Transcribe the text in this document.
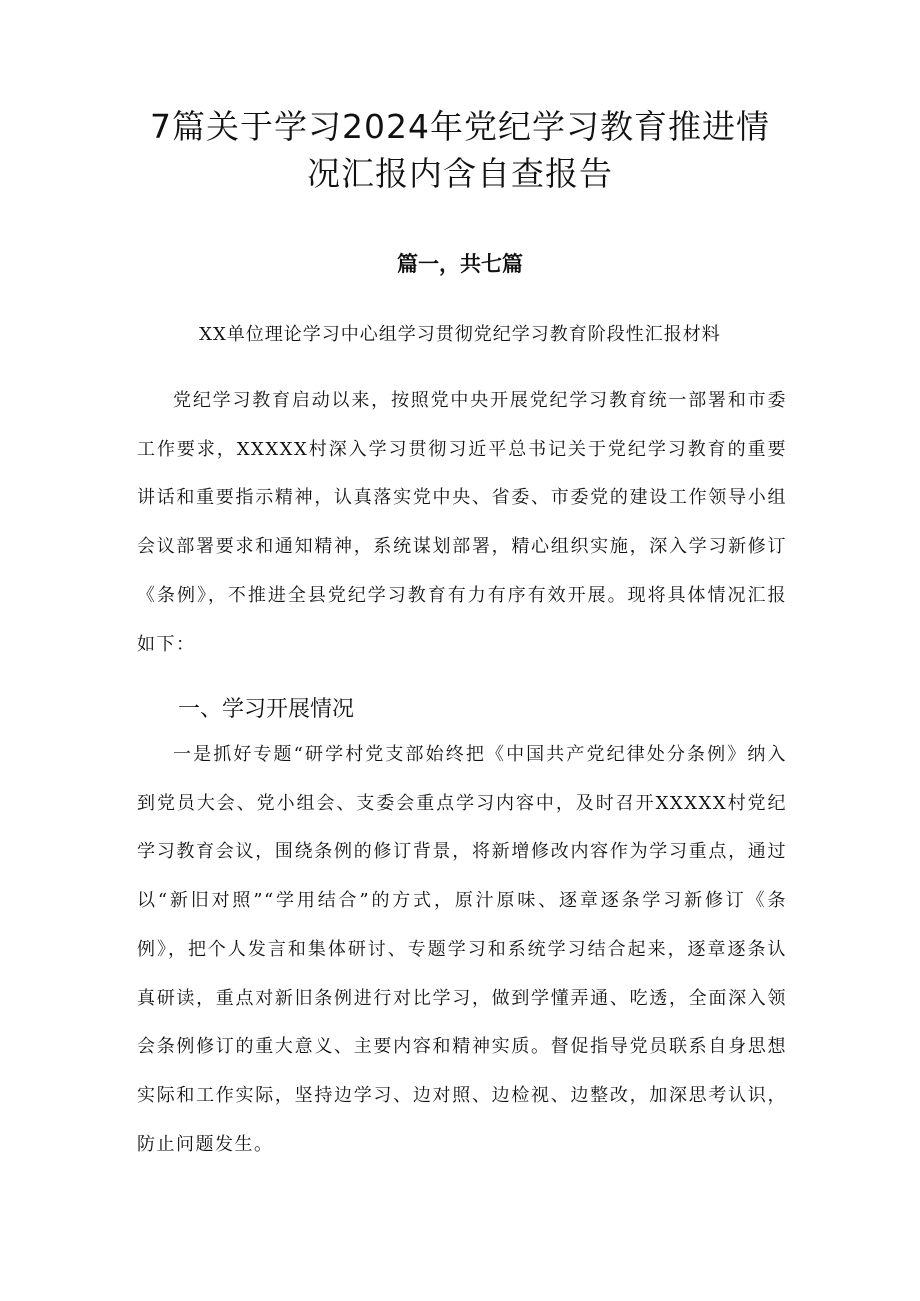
7篇关于学习2024年党纪学习教育推进情
况汇报内含自查报告
篇一，共七篇
XX单位理论学习中心组学习贯彻党纪学习教育阶段性汇报材料

党纪学习教育启动以来，按照党中央开展党纪学习教育统一部署和市委工作要求，XXXXX村深入学习贯彻习近平总书记关于党纪学习教育的重要讲话和重要指示精神，认真落实党中央、省委、市委党的建设工作领导小组会议部署要求和通知精神，系统谋划部署，精心组织实施，深入学习新修订《条例》，不推进全县党纪学习教育有力有序有效开展。现将具体情况汇报如下：

一、学习开展情况

一是抓好专题“研学村党支部始终把《中国共产党纪律处分条例》纳入到党员大会、党小组会、支委会重点学习内容中，及时召开XXXXX村党纪学习教育会议，围绕条例的修订背景，将新增修改内容作为学习重点，通过以“新旧对照”“学用结合”的方式，原汁原味、逐章逐条学习新修订《条例》，把个人发言和集体研讨、专题学习和系统学习结合起来，逐章逐条认真研读，重点对新旧条例进行对比学习，做到学懂弄通、吃透，全面深入领会条例修订的重大意义、主要内容和精神实质。督促指导党员联系自身思想实际和工作实际，坚持边学习、边对照、边检视、边整改，加深思考认识，防止问题发生。
